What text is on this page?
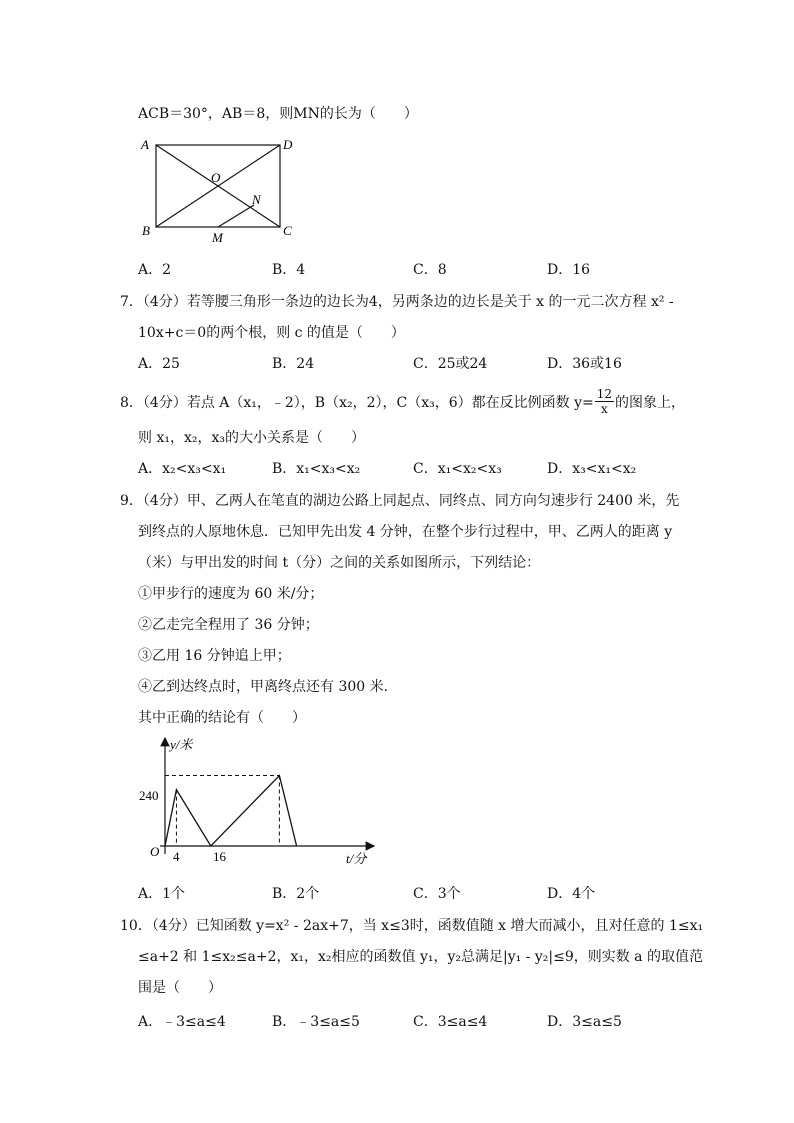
ACB＝30°，AB＝8，则MN的长为（　　）
A	D
B	C
O
N
M
A．2	B．4	C．8	D．16
7．（4分）若等腰三角形一条边的边长为4，另两条边的边长是关于 x 的一元二次方程 x² -
10x+c＝0的两个根，则 c 的值是（　　）
A．25	B．24	C．25或24	D．36或16
8．（4分）若点 A（x₁，﹣2），B（x₂，2），C（x₃，6）都在反比例函数 $y= \frac{12}{x}$ 的图象上，
则 x₁，x₂，x₃的大小关系是（　　）
A．x₂<x₃<x₁	B．x₁<x₃<x₂	C．x₁<x₂<x₃	D．x₃<x₁<x₂
9．（4分）甲、乙两人在笔直的湖边公路上同起点、同终点、同方向匀速步行 2400 米，先
到终点的人原地休息．已知甲先出发 4 分钟，在整个步行过程中，甲、乙两人的距离 y
（米）与甲出发的时间 t（分）之间的关系如图所示，下列结论：
①甲步行的速度为 60 米/分；
②乙走完全程用了 36 分钟；
③乙用 16 分钟追上甲；
④乙到达终点时，甲离终点还有 300 米．
其中正确的结论有（　　）
y/米
t/分
O
240
4	16
A．1个	B．2个	C．3个	D．4个
10．（4分）已知函数 y=x² - 2ax+7，当 x≤3时，函数值随 x 增大而减小，且对任意的 1≤x₁
≤a+2 和 1≤x₂≤a+2，x₁，x₂相应的函数值 y₁，y₂总满足|y₁ - y₂|≤9，则实数 a 的取值范
围是（　　）
A．﹣3≤a≤4	B．﹣3≤a≤5	C．3≤a≤4	D．3≤a≤5
